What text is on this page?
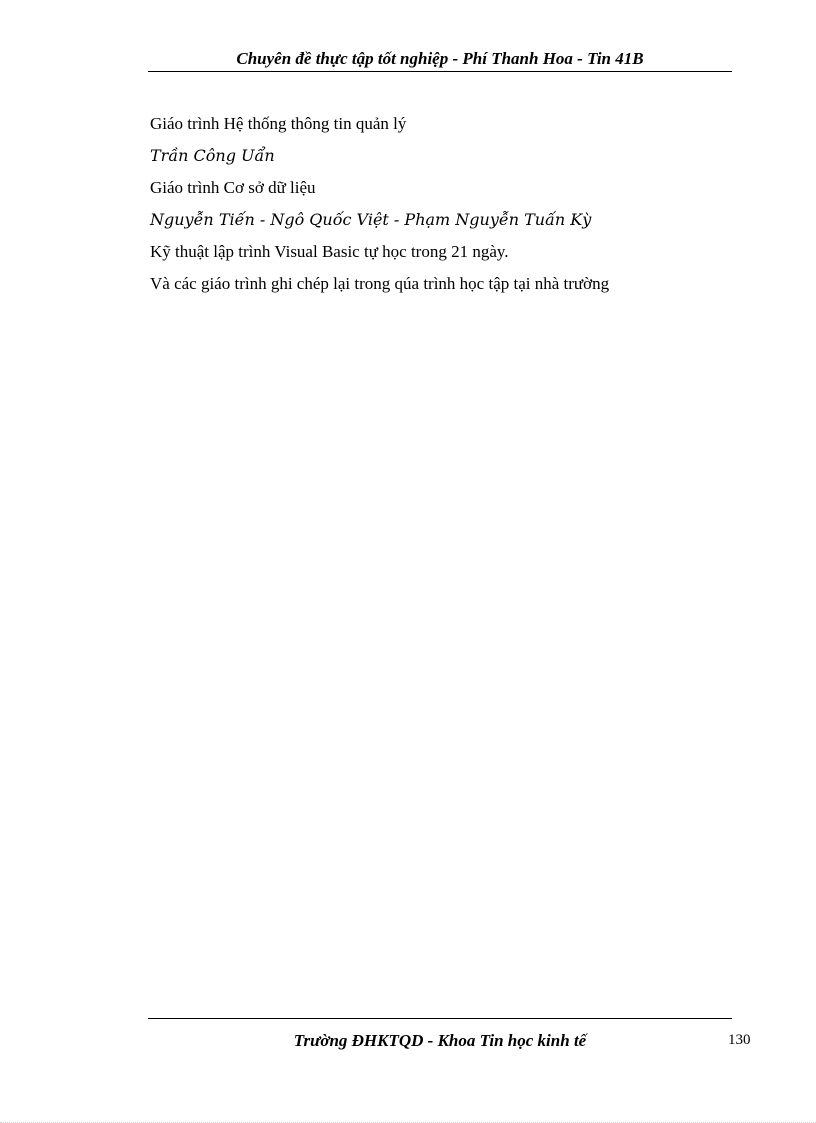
Chuyên đề thực tập tốt nghiệp - Phí Thanh Hoa - Tin 41B
Giáo trình Hệ thống thông tin quản lý
Trần Công Uẩn
Giáo trình Cơ sở dữ liệu
Nguyễn Tiến - Ngô Quốc Việt - Phạm Nguyễn Tuấn Kỳ
Kỹ thuật lập trình Visual Basic tự học trong 21 ngày.
Và các giáo trình ghi chép lại trong qúa trình học tập tại nhà trường
Trường ĐHKTQD - Khoa Tin học kinh tế	130
